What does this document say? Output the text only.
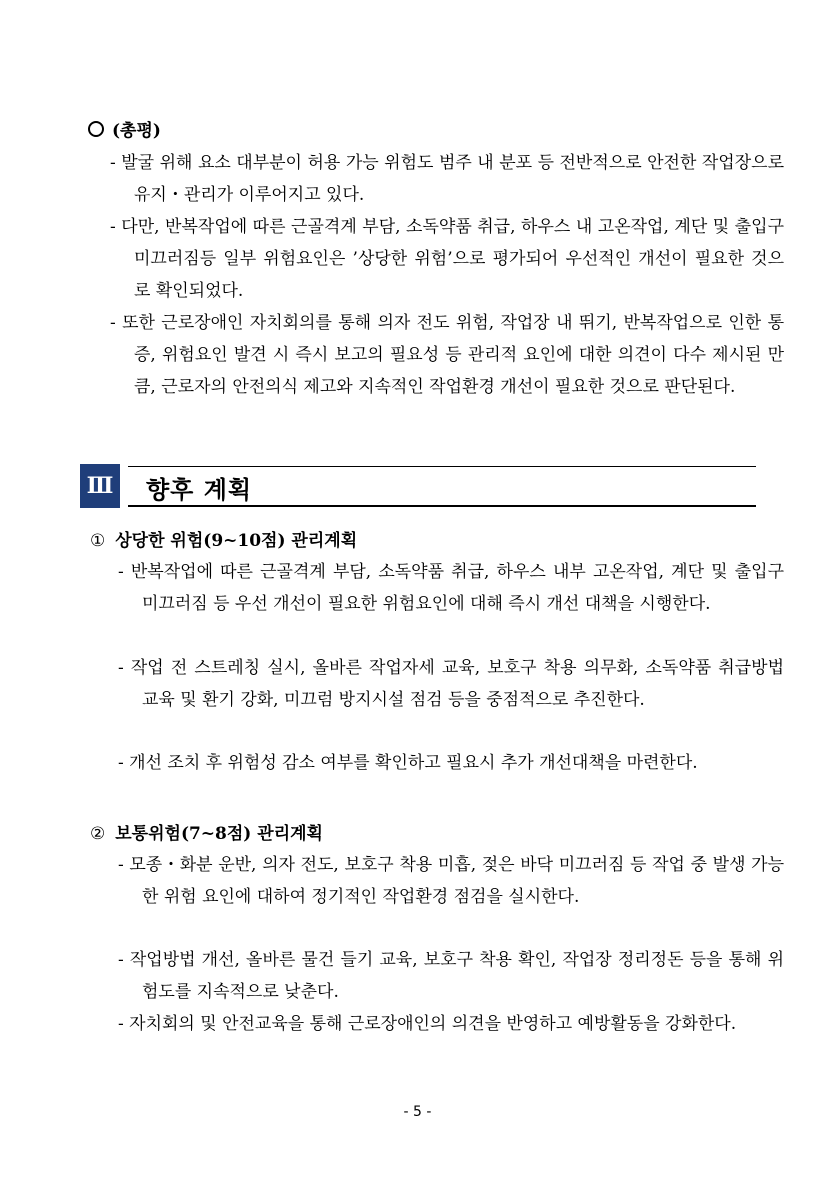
(총평)
- 발굴 위해 요소 대부분이 허용 가능 위험도 범주 내 분포 등 전반적으로 안전한 작업장으로 유지・관리가 이루어지고 있다.
- 다만, 반복작업에 따른 근골격계 부담, 소독약품 취급, 하우스 내 고온작업, 계단 및 출입구 미끄러짐등 일부 위험요인은 ’상당한 위험’으로 평가되어 우선적인 개선이 필요한 것으로 확인되었다.
- 또한 근로장애인 자치회의를 통해 의자 전도 위험, 작업장 내 뛰기, 반복작업으로 인한 통증, 위험요인 발견 시 즉시 보고의 필요성 등 관리적 요인에 대한 의견이 다수 제시된 만큼, 근로자의 안전의식 제고와 지속적인 작업환경 개선이 필요한 것으로 판단된다.
Ⅲ 향후 계획
① 상당한 위험(9~10점) 관리계획
- 반복작업에 따른 근골격계 부담, 소독약품 취급, 하우스 내부 고온작업, 계단 및 출입구 미끄러짐 등 우선 개선이 필요한 위험요인에 대해 즉시 개선 대책을 시행한다.
- 작업 전 스트레칭 실시, 올바른 작업자세 교육, 보호구 착용 의무화, 소독약품 취급방법 교육 및 환기 강화, 미끄럼 방지시설 점검 등을 중점적으로 추진한다.
- 개선 조치 후 위험성 감소 여부를 확인하고 필요시 추가 개선대책을 마련한다.
② 보통위험(7~8점) 관리계획
- 모종・화분 운반, 의자 전도, 보호구 착용 미흡, 젖은 바닥 미끄러짐 등 작업 중 발생 가능한 위험 요인에 대하여 정기적인 작업환경 점검을 실시한다.
- 작업방법 개선, 올바른 물건 들기 교육, 보호구 착용 확인, 작업장 정리정돈 등을 통해 위험도를 지속적으로 낮춘다.
- 자치회의 및 안전교육을 통해 근로장애인의 의견을 반영하고 예방활동을 강화한다.
- 5 -
